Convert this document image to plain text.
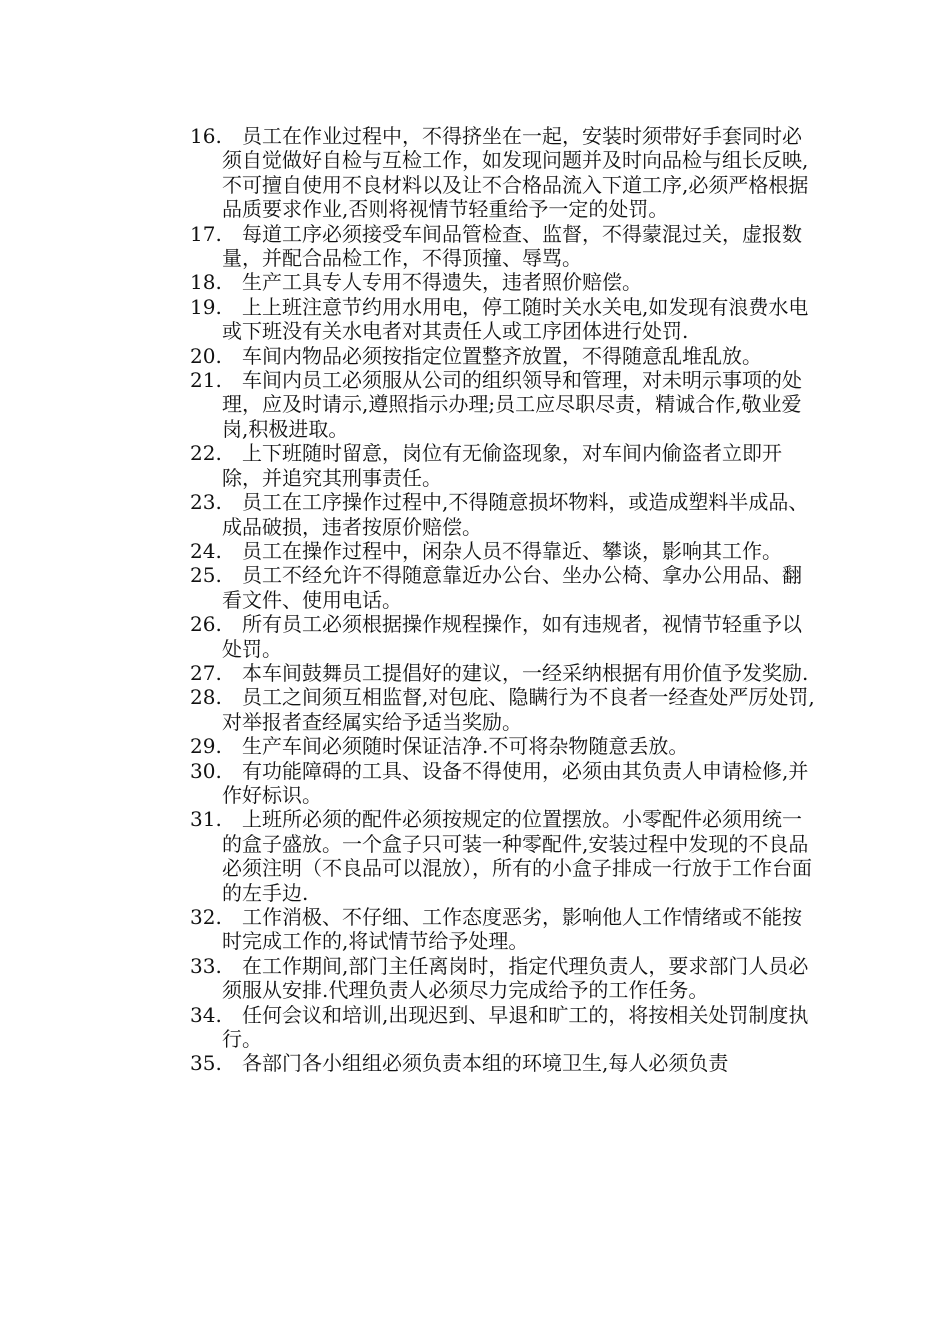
16.	员工在作业过程中，不得挤坐在一起，安装时须带好手套同时必须自觉做好自检与互检工作，如发现问题并及时向品检与组长反映,不可擅自使用不良材料以及让不合格品流入下道工序,必须严格根据品质要求作业,否则将视情节轻重给予一定的处罚。
17.	每道工序必须接受车间品管检查、监督，不得蒙混过关，虚报数量，并配合品检工作，不得顶撞、辱骂。
18.	生产工具专人专用不得遗失，违者照价赔偿。
19.	上上班注意节约用水用电，停工随时关水关电,如发现有浪费水电或下班没有关水电者对其责任人或工序团体进行处罚.
20.	车间内物品必须按指定位置整齐放置，不得随意乱堆乱放。
21.	车间内员工必须服从公司的组织领导和管理，对未明示事项的处理，应及时请示,遵照指示办理;员工应尽职尽责，精诚合作,敬业爱岗,积极进取。
22.	上下班随时留意，岗位有无偷盗现象，对车间内偷盗者立即开除，并追究其刑事责任。
23.	员工在工序操作过程中,不得随意损坏物料，或造成塑料半成品、成品破损，违者按原价赔偿。
24.	员工在操作过程中，闲杂人员不得靠近、攀谈，影响其工作。
25.	员工不经允许不得随意靠近办公台、坐办公椅、拿办公用品、翻看文件、使用电话。
26.	所有员工必须根据操作规程操作，如有违规者，视情节轻重予以处罚。
27.	本车间鼓舞员工提倡好的建议，一经采纳根据有用价值予发奖励.
28.	员工之间须互相监督,对包庇、隐瞒行为不良者一经查处严厉处罚,对举报者查经属实给予适当奖励。
29.	生产车间必须随时保证洁净.不可将杂物随意丢放。
30.	有功能障碍的工具、设备不得使用，必须由其负责人申请检修,并作好标识。
31.	上班所必须的配件必须按规定的位置摆放。小零配件必须用统一的盒子盛放。一个盒子只可装一种零配件,安装过程中发现的不良品必须注明（不良品可以混放），所有的小盒子排成一行放于工作台面的左手边.
32.	工作消极、不仔细、工作态度恶劣，影响他人工作情绪或不能按时完成工作的,将试情节给予处理。
33.	在工作期间,部门主任离岗时，指定代理负责人，要求部门人员必须服从安排.代理负责人必须尽力完成给予的工作任务。
34.	任何会议和培训,出现迟到、早退和旷工的，将按相关处罚制度执行。
35.	各部门各小组组必须负责本组的环境卫生,每人必须负责
